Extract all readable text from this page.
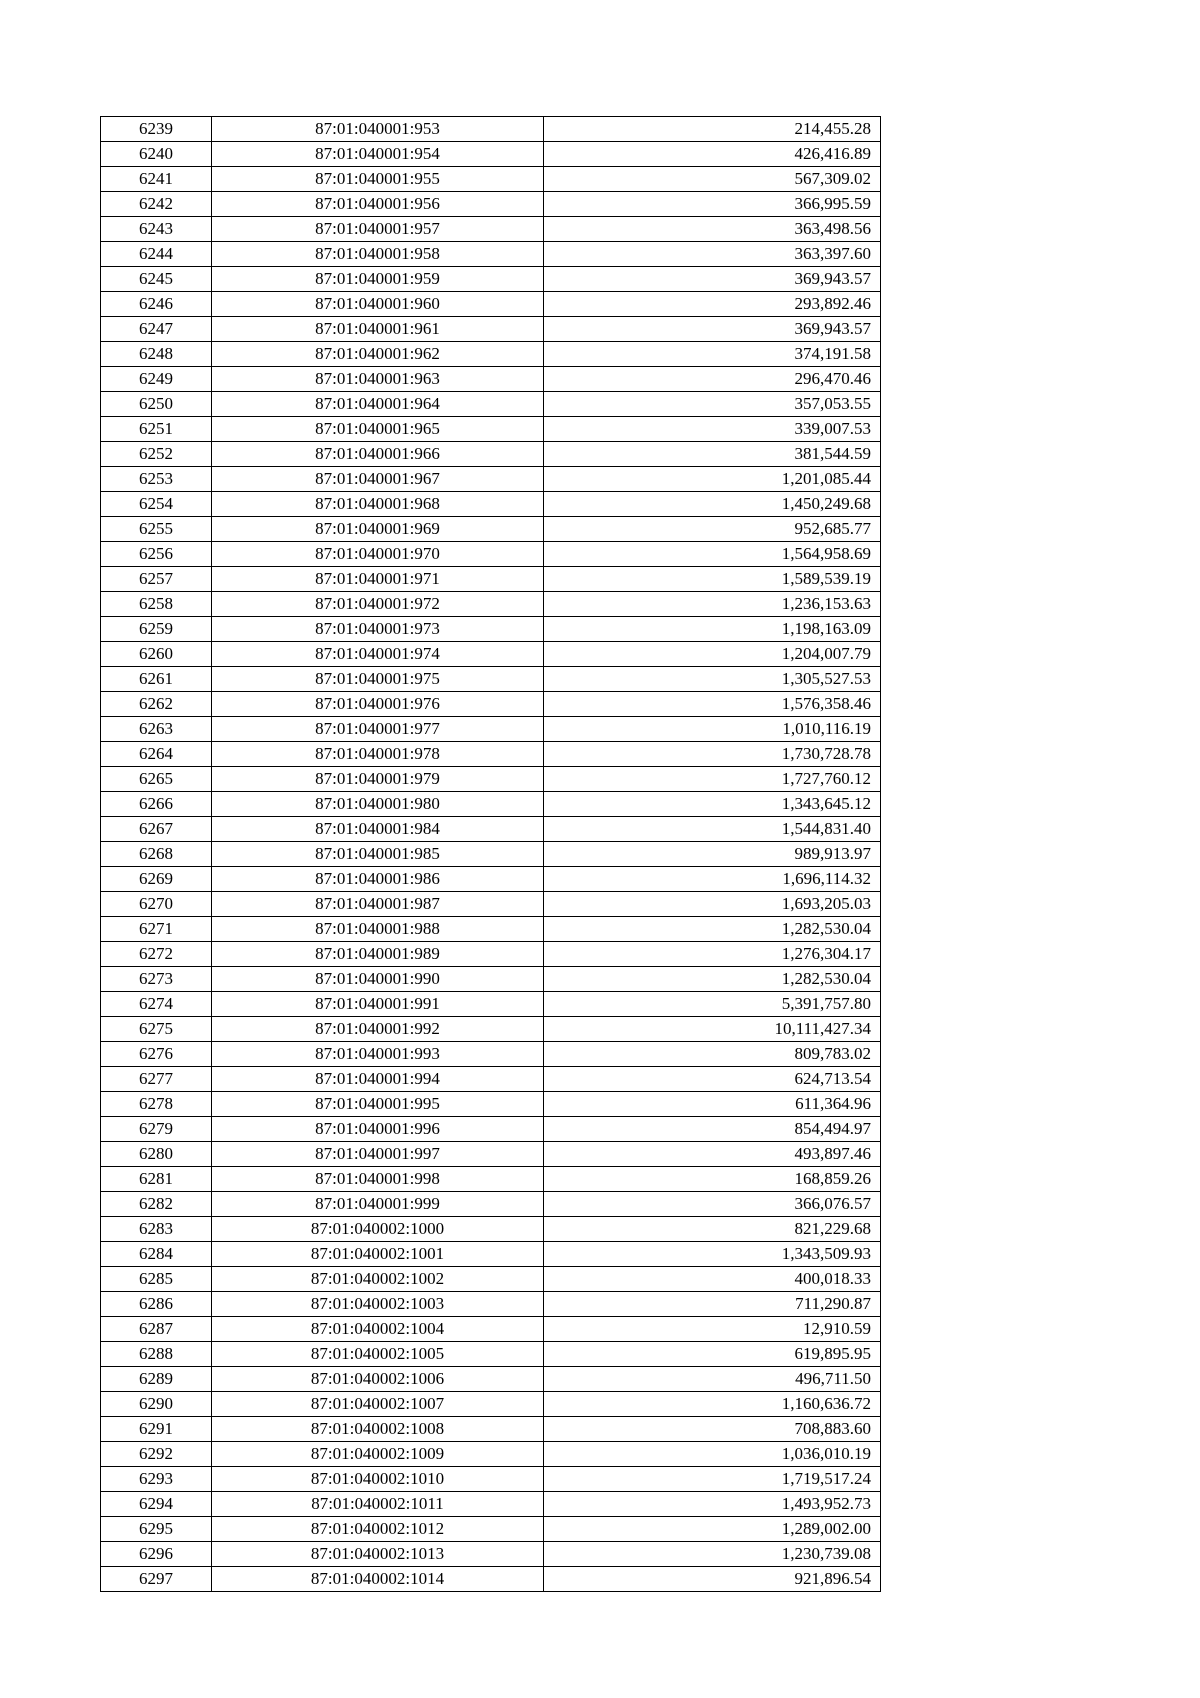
6239	87:01:040001:953	214,455.28
6240	87:01:040001:954	426,416.89
6241	87:01:040001:955	567,309.02
6242	87:01:040001:956	366,995.59
6243	87:01:040001:957	363,498.56
6244	87:01:040001:958	363,397.60
6245	87:01:040001:959	369,943.57
6246	87:01:040001:960	293,892.46
6247	87:01:040001:961	369,943.57
6248	87:01:040001:962	374,191.58
6249	87:01:040001:963	296,470.46
6250	87:01:040001:964	357,053.55
6251	87:01:040001:965	339,007.53
6252	87:01:040001:966	381,544.59
6253	87:01:040001:967	1,201,085.44
6254	87:01:040001:968	1,450,249.68
6255	87:01:040001:969	952,685.77
6256	87:01:040001:970	1,564,958.69
6257	87:01:040001:971	1,589,539.19
6258	87:01:040001:972	1,236,153.63
6259	87:01:040001:973	1,198,163.09
6260	87:01:040001:974	1,204,007.79
6261	87:01:040001:975	1,305,527.53
6262	87:01:040001:976	1,576,358.46
6263	87:01:040001:977	1,010,116.19
6264	87:01:040001:978	1,730,728.78
6265	87:01:040001:979	1,727,760.12
6266	87:01:040001:980	1,343,645.12
6267	87:01:040001:984	1,544,831.40
6268	87:01:040001:985	989,913.97
6269	87:01:040001:986	1,696,114.32
6270	87:01:040001:987	1,693,205.03
6271	87:01:040001:988	1,282,530.04
6272	87:01:040001:989	1,276,304.17
6273	87:01:040001:990	1,282,530.04
6274	87:01:040001:991	5,391,757.80
6275	87:01:040001:992	10,111,427.34
6276	87:01:040001:993	809,783.02
6277	87:01:040001:994	624,713.54
6278	87:01:040001:995	611,364.96
6279	87:01:040001:996	854,494.97
6280	87:01:040001:997	493,897.46
6281	87:01:040001:998	168,859.26
6282	87:01:040001:999	366,076.57
6283	87:01:040002:1000	821,229.68
6284	87:01:040002:1001	1,343,509.93
6285	87:01:040002:1002	400,018.33
6286	87:01:040002:1003	711,290.87
6287	87:01:040002:1004	12,910.59
6288	87:01:040002:1005	619,895.95
6289	87:01:040002:1006	496,711.50
6290	87:01:040002:1007	1,160,636.72
6291	87:01:040002:1008	708,883.60
6292	87:01:040002:1009	1,036,010.19
6293	87:01:040002:1010	1,719,517.24
6294	87:01:040002:1011	1,493,952.73
6295	87:01:040002:1012	1,289,002.00
6296	87:01:040002:1013	1,230,739.08
6297	87:01:040002:1014	921,896.54
